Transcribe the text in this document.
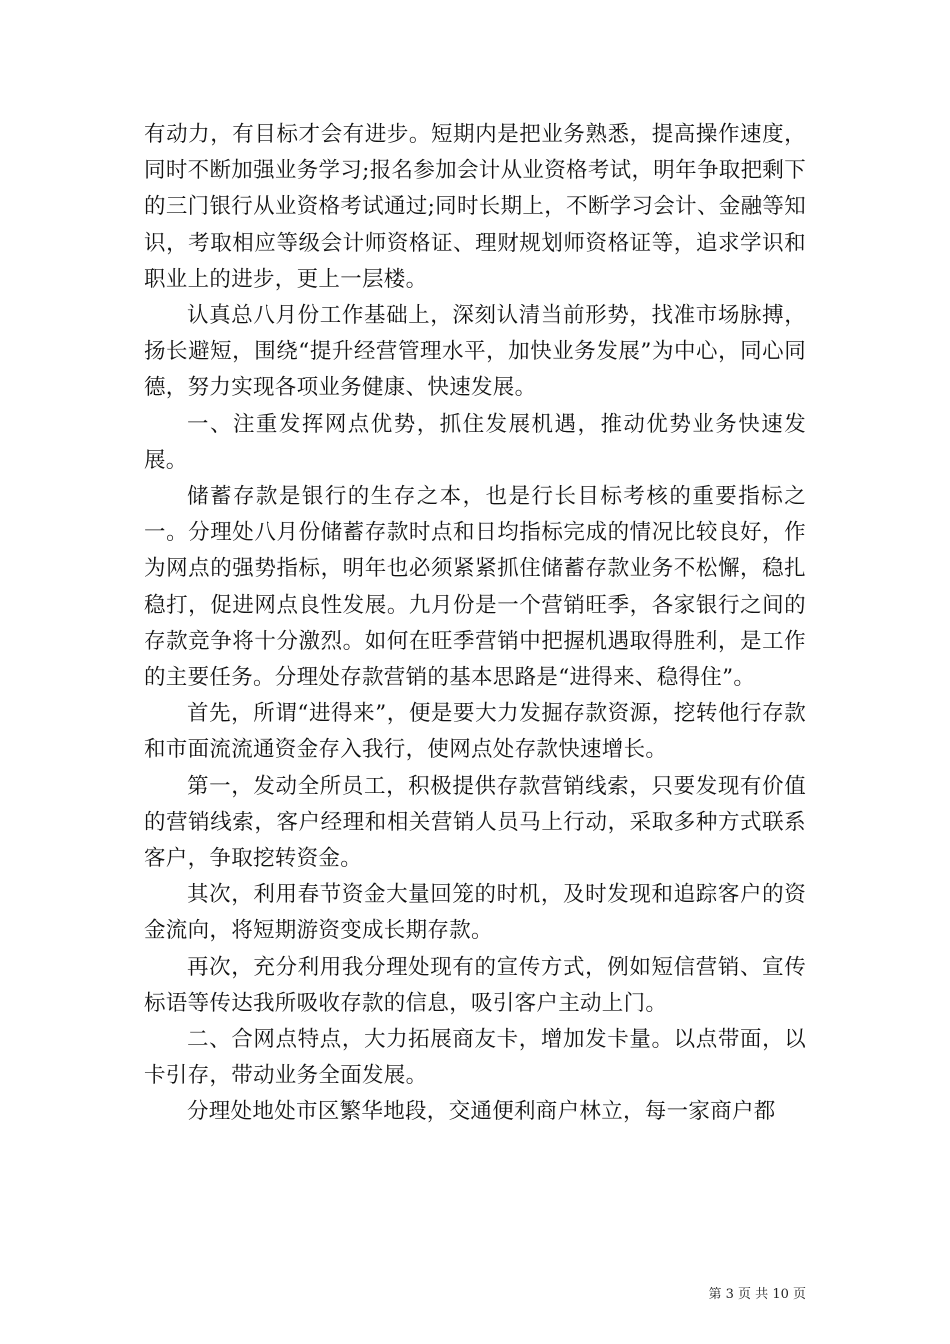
有动力，有目标才会有进步。短期内是把业务熟悉，提高操作速度，同时不断加强业务学习;报名参加会计从业资格考试，明年争取把剩下的三门银行从业资格考试通过;同时长期上，不断学习会计、金融等知识，考取相应等级会计师资格证、理财规划师资格证等，追求学识和职业上的进步，更上一层楼。

认真总八月份工作基础上，深刻认清当前形势，找准市场脉搏，扬长避短，围绕“提升经营管理水平，加快业务发展”为中心，同心同德，努力实现各项业务健康、快速发展。

一、注重发挥网点优势，抓住发展机遇，推动优势业务快速发展。

储蓄存款是银行的生存之本，也是行长目标考核的重要指标之一。分理处八月份储蓄存款时点和日均指标完成的情况比较良好，作为网点的强势指标，明年也必须紧紧抓住储蓄存款业务不松懈，稳扎稳打，促进网点良性发展。九月份是一个营销旺季，各家银行之间的存款竞争将十分激烈。如何在旺季营销中把握机遇取得胜利，是工作的主要任务。分理处存款营销的基本思路是“进得来、稳得住”。

首先，所谓“进得来”，便是要大力发掘存款资源，挖转他行存款和市面流流通资金存入我行，使网点处存款快速增长。

第一，发动全所员工，积极提供存款营销线索，只要发现有价值的营销线索，客户经理和相关营销人员马上行动，采取多种方式联系客户，争取挖转资金。

其次，利用春节资金大量回笼的时机，及时发现和追踪客户的资金流向，将短期游资变成长期存款。

再次，充分利用我分理处现有的宣传方式，例如短信营销、宣传标语等传达我所吸收存款的信息，吸引客户主动上门。

二、合网点特点，大力拓展商友卡，增加发卡量。以点带面，以卡引存，带动业务全面发展。

分理处地处市区繁华地段，交通便利商户林立，每一家商户都

第 3 页 共 10 页
